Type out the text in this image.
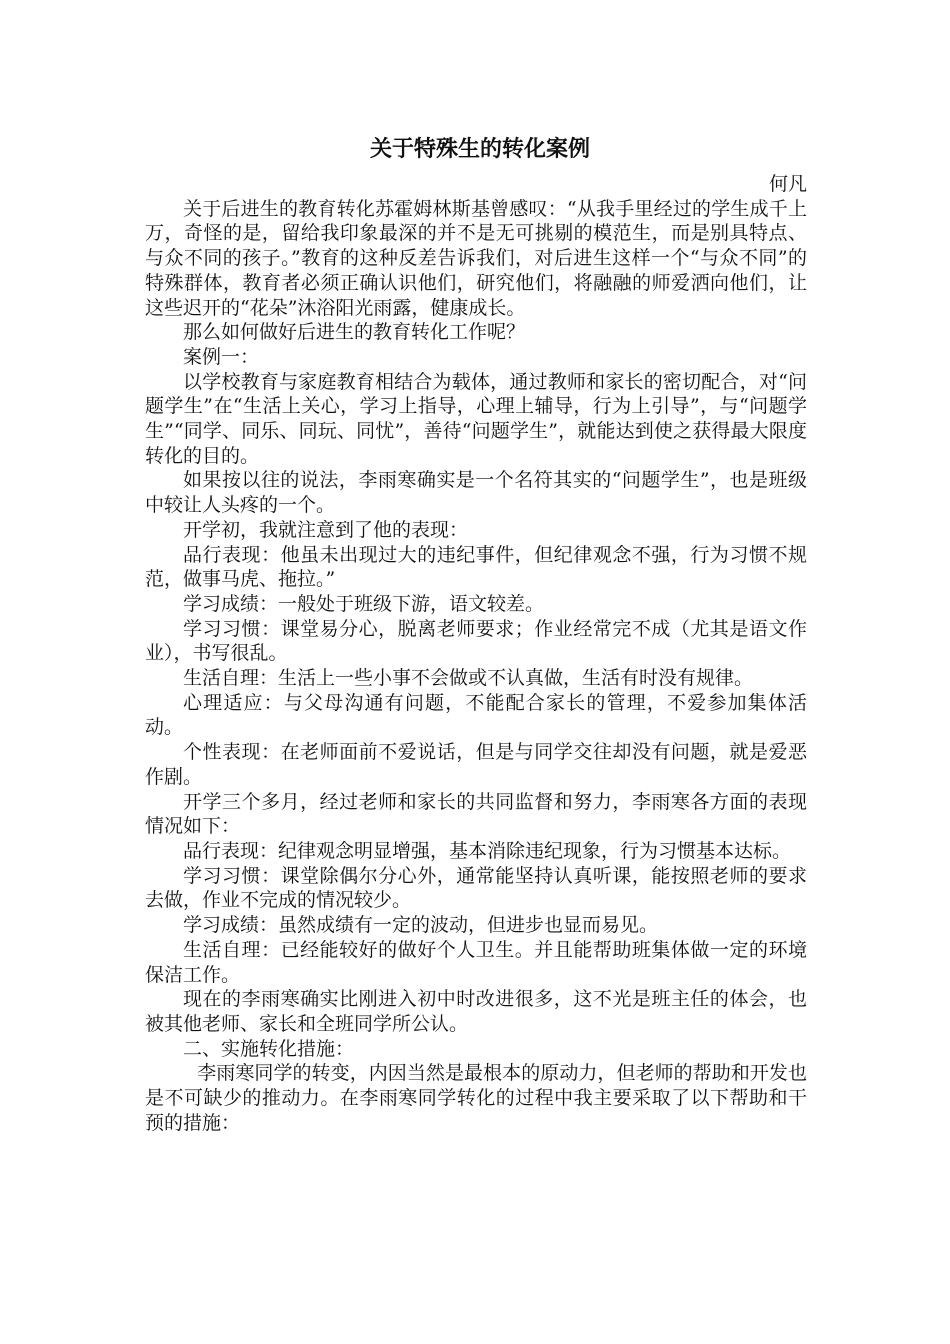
关于特殊生的转化案例

何凡

关于后进生的教育转化苏霍姆林斯基曾感叹：“从我手里经过的学生成千上万，奇怪的是，留给我印象最深的并不是无可挑剔的模范生，而是别具特点、与众不同的孩子。”教育的这种反差告诉我们，对后进生这样一个“与众不同”的特殊群体，教育者必须正确认识他们，研究他们，将融融的师爱洒向他们，让这些迟开的“花朵”沐浴阳光雨露，健康成长。

那么如何做好后进生的教育转化工作呢？

案例一：

以学校教育与家庭教育相结合为载体，通过教师和家长的密切配合，对“问题学生”在“生活上关心，学习上指导，心理上辅导，行为上引导”，与“问题学生”“同学、同乐、同玩、同忧”，善待“问题学生”，就能达到使之获得最大限度转化的目的。

如果按以往的说法，李雨寒确实是一个名符其实的“问题学生”，也是班级中较让人头疼的一个。

开学初，我就注意到了他的表现：

品行表现：他虽未出现过大的违纪事件，但纪律观念不强，行为习惯不规范，做事马虎、拖拉。”

学习成绩：一般处于班级下游，语文较差。

学习习惯：课堂易分心，脱离老师要求；作业经常完不成（尤其是语文作业），书写很乱。

生活自理：生活上一些小事不会做或不认真做，生活有时没有规律。

心理适应：与父母沟通有问题，不能配合家长的管理，不爱参加集体活动。

个性表现：在老师面前不爱说话，但是与同学交往却没有问题，就是爱恶作剧。

开学三个多月，经过老师和家长的共同监督和努力，李雨寒各方面的表现情况如下：

品行表现：纪律观念明显增强，基本消除违纪现象，行为习惯基本达标。

学习习惯：课堂除偶尔分心外，通常能坚持认真听课，能按照老师的要求去做，作业不完成的情况较少。

学习成绩：虽然成绩有一定的波动，但进步也显而易见。

生活自理：已经能较好的做好个人卫生。并且能帮助班集体做一定的环境保洁工作。

现在的李雨寒确实比刚进入初中时改进很多，这不光是班主任的体会，也被其他老师、家长和全班同学所公认。

二、实施转化措施：

李雨寒同学的转变，内因当然是最根本的原动力，但老师的帮助和开发也是不可缺少的推动力。在李雨寒同学转化的过程中我主要采取了以下帮助和干预的措施：
